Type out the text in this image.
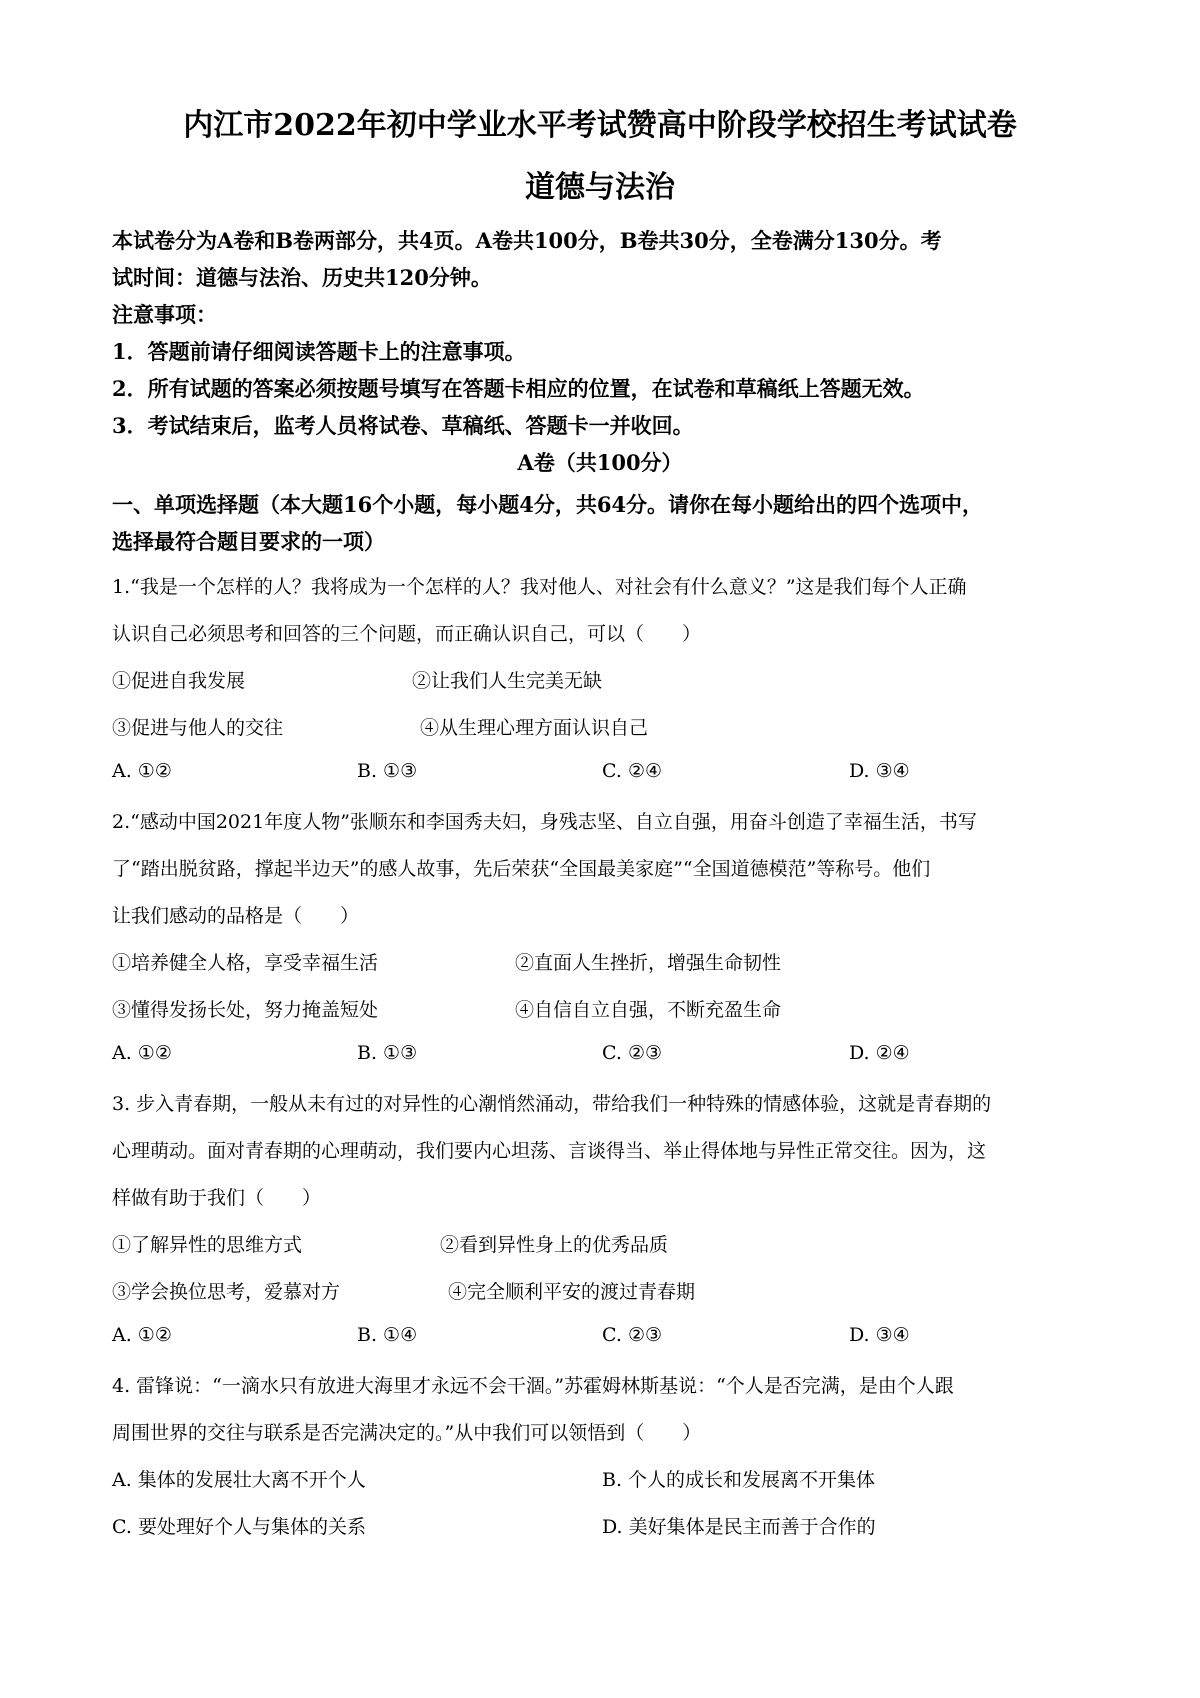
内江市2022年初中学业水平考试赞高中阶段学校招生考试试卷
道德与法治
本试卷分为A卷和B卷两部分，共4页。A卷共100分，B卷共30分，全卷满分130分。考
试时间：道德与法治、历史共120分钟。
注意事项：
1．答题前请仔细阅读答题卡上的注意事项。
2．所有试题的答案必须按题号填写在答题卡相应的位置，在试卷和草稿纸上答题无效。
3．考试结束后，监考人员将试卷、草稿纸、答题卡一并收回。
A卷（共100分）
一、单项选择题（本大题16个小题，每小题4分，共64分。请你在每小题给出的四个选项中，
选择最符合题目要求的一项）
1.“我是一个怎样的人？我将成为一个怎样的人？我对他人、对社会有什么意义？”这是我们每个人正确
认识自己必须思考和回答的三个问题，而正确认识自己，可以（　　）
①促进自我发展	②让我们人生完美无缺
③促进与他人的交往	④从生理心理方面认识自己
A. ①②	B. ①③	C. ②④	D. ③④
2.“感动中国2021年度人物”张顺东和李国秀夫妇，身残志坚、自立自强，用奋斗创造了幸福生活，书写
了“踏出脱贫路，撑起半边天”的感人故事，先后荣获“全国最美家庭”“全国道德模范”等称号。他们
让我们感动的品格是（　　）
①培养健全人格，享受幸福生活	②直面人生挫折，增强生命韧性
③懂得发扬长处，努力掩盖短处	④自信自立自强，不断充盈生命
A. ①②	B. ①③	C. ②③	D. ②④
3. 步入青春期，一般从未有过的对异性的心潮悄然涌动，带给我们一种特殊的情感体验，这就是青春期的
心理萌动。面对青春期的心理萌动，我们要内心坦荡、言谈得当、举止得体地与异性正常交往。因为，这
样做有助于我们（　　）
①了解异性的思维方式	②看到异性身上的优秀品质
③学会换位思考，爱慕对方	④完全顺利平安的渡过青春期
A. ①②	B. ①④	C. ②③	D. ③④
4. 雷锋说：“一滴水只有放进大海里才永远不会干涸。”苏霍姆林斯基说：“个人是否完满，是由个人跟
周围世界的交往与联系是否完满决定的。”从中我们可以领悟到（　　）
A. 集体的发展壮大离不开个人	B. 个人的成长和发展离不开集体
C. 要处理好个人与集体的关系	D. 美好集体是民主而善于合作的
